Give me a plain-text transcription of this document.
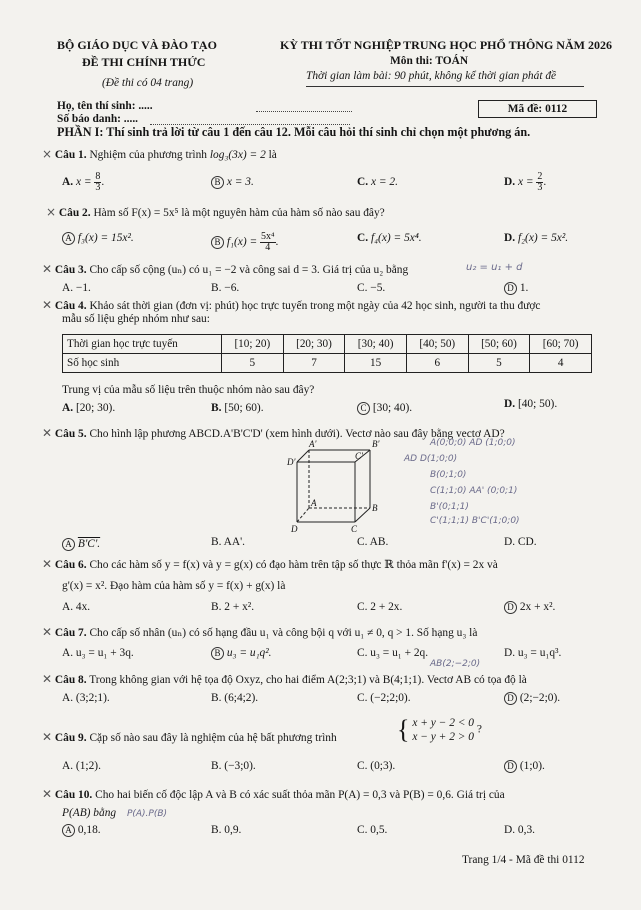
BỘ GIÁO DỤC VÀ ĐÀO TẠO
ĐỀ THI CHÍNH THỨC
(Đề thi có 04 trang)
KỲ THI TỐT NGHIỆP TRUNG HỌC PHỔ THÔNG NĂM 2026
Môn thi: TOÁN
Thời gian làm bài: 90 phút, không kể thời gian phát đề
Họ, tên thí sinh: .....
Số báo danh: .....
Mã đề: 0112
PHẦN I: Thí sinh trả lời từ câu 1 đến câu 12. Mỗi câu hỏi thí sinh chỉ chọn một phương án.
× Câu 1. Nghiệm của phương trình log₃(3x) = 2 là
A. $x = \frac{8}{3}$ .	B x = 3.	C. x = 2.	D. $x = \frac{2}{3}$ .
× Câu 2. Hàm số F(x) = 5x⁵ là một nguyên hàm của hàm số nào sau đây?
A f₃(x) = 15x².	B $f_1(x) = \frac{\text{5x⁴}}{4}$ .	C. f₄(x) = 5x⁴.	D. f₂(x) = 5x².
✕ Câu 3. Cho cấp số cộng (uₙ) có u₁ = −2 và công sai d = 3. Giá trị của u₂ bằng	u₂ = u₁ + d
A. −1.	B. −6.	C. −5.	D 1.
✕ Câu 4. Khảo sát thời gian (đơn vị: phút) học trực tuyến trong một ngày của 42 học sinh, người ta thu được
mẫu số liệu ghép nhóm như sau:
Thời gian học trực tuyến	[10; 20)	[20; 30)	[30; 40)	[40; 50)	[50; 60)	[60; 70)
Số học sinh	5	7	15	6	5	4
Trung vị của mẫu số liệu trên thuộc nhóm nào sau đây?
A. [20; 30).	B. [50; 60).	C [30; 40).	D. [40; 50).
✕ Câu 5. Cho hình lập phương ABCD.A'B'C'D' (xem hình dưới). Vectơ nào sau đây bằng vectơ AD?
A'	B'
C'
D'
A	B
C
D
A(0;0;0) AD (1;0;0)
AD D(1;0;0)
B(0;1;0)
C(1;1;0) AA' (0;0;1)
B'(0;1;1)
C'(1;1;1) B'C'(1;0;0)
A B'C'.	B. AA'.	C. AB.	D. CD.
✕ Câu 6. Cho các hàm số y = f(x) và y = g(x) có đạo hàm trên tập số thực ℝ thỏa mãn f'(x) = 2x và
g'(x) = x². Đạo hàm của hàm số y = f(x) + g(x) là
A. 4x.	B. 2 + x².	C. 2 + 2x.	D 2x + x².
✕ Câu 7. Cho cấp số nhân (uₙ) có số hạng đầu u₁ và công bội q với u₁ ≠ 0, q > 1. Số hạng u₃ là
A. u₃ = u₁ + 3q.	B u₃ = u₁q².	C. u₃ = u₁ + 2q.	D. u₃ = u₁q³.
AB(2;−2;0)
✕ Câu 8. Trong không gian với hệ tọa độ Oxyz, cho hai điểm A(2;3;1) và B(4;1;1). Vectơ AB có tọa độ là
A. (3;2;1).	B. (6;4;2).	C. (−2;2;0).	D (2;−2;0).
✕ Câu 9. Cặp số nào sau đây là nghiệm của hệ bất phương trình { x + y − 2 < 0
x − y + 2 > 0 ?
A. (1;2).	B. (−3;0).	C. (0;3).	D (1;0).
✕ Câu 10. Cho hai biến cố độc lập A và B có xác suất thỏa mãn P(A) = 0,3 và P(B) = 0,6. Giá trị của
P(AB) bằng P(A).P(B)
A 0,18.	B. 0,9.	C. 0,5.	D. 0,3.
Trang 1/4 - Mã đề thi 0112
